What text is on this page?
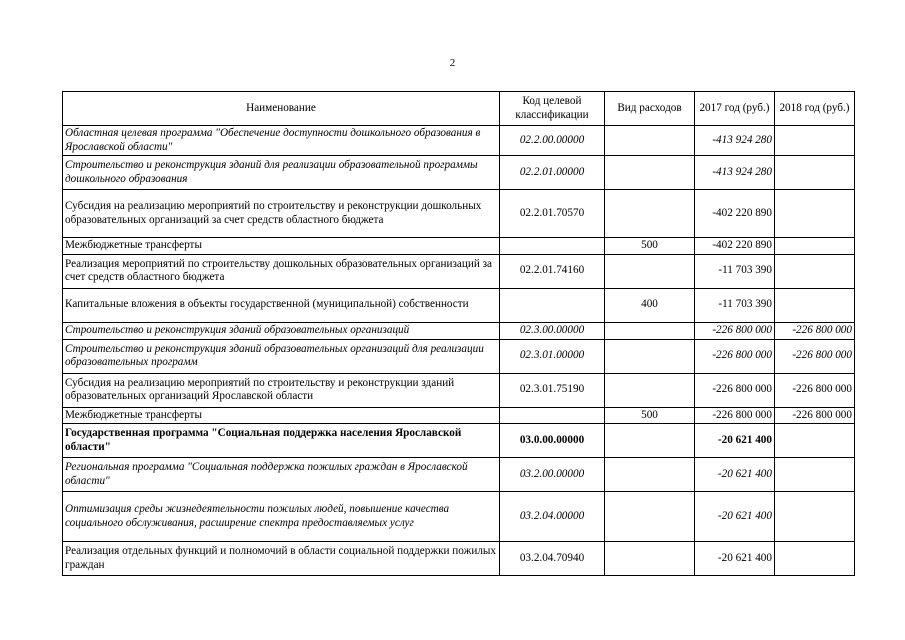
2
Наименование	Код целевой классификации	Вид расходов	2017 год (руб.)	2018 год (руб.)
Областная целевая программа "Обеспечение доступности дошкольного образования в Ярославской области"	02.2.00.00000		-413 924 280	
Строительство и реконструкция зданий для реализации образовательной программы дошкольного образования	02.2.01.00000		-413 924 280	
Субсидия на реализацию мероприятий по строительству и реконструкции дошкольных образовательных организаций за счет средств областного бюджета	02.2.01.70570		-402 220 890	
Межбюджетные трансферты		500	-402 220 890	
Реализация мероприятий по строительству дошкольных образовательных организаций за счет средств областного бюджета	02.2.01.74160		-11 703 390	
Капитальные вложения в объекты государственной (муниципальной) собственности		400	-11 703 390	
Строительство и реконструкция зданий образовательных организаций	02.3.00.00000		-226 800 000	-226 800 000
Строительство и реконструкция зданий образовательных организаций для реализации образовательных программ	02.3.01.00000		-226 800 000	-226 800 000
Субсидия на реализацию мероприятий по строительству и реконструкции зданий образовательных организаций Ярославской области	02.3.01.75190		-226 800 000	-226 800 000
Межбюджетные трансферты		500	-226 800 000	-226 800 000
Государственная программа "Социальная поддержка населения Ярославской области"	03.0.00.00000		-20 621 400	
Региональная программа "Социальная поддержка пожилых граждан в Ярославской области"	03.2.00.00000		-20 621 400	
Оптимизация среды жизнедеятельности пожилых людей, повышение качества социального обслуживания, расширение спектра предоставляемых услуг	03.2.04.00000		-20 621 400	
Реализация отдельных функций и полномочий в области социальной поддержки пожилых граждан	03.2.04.70940		-20 621 400	
